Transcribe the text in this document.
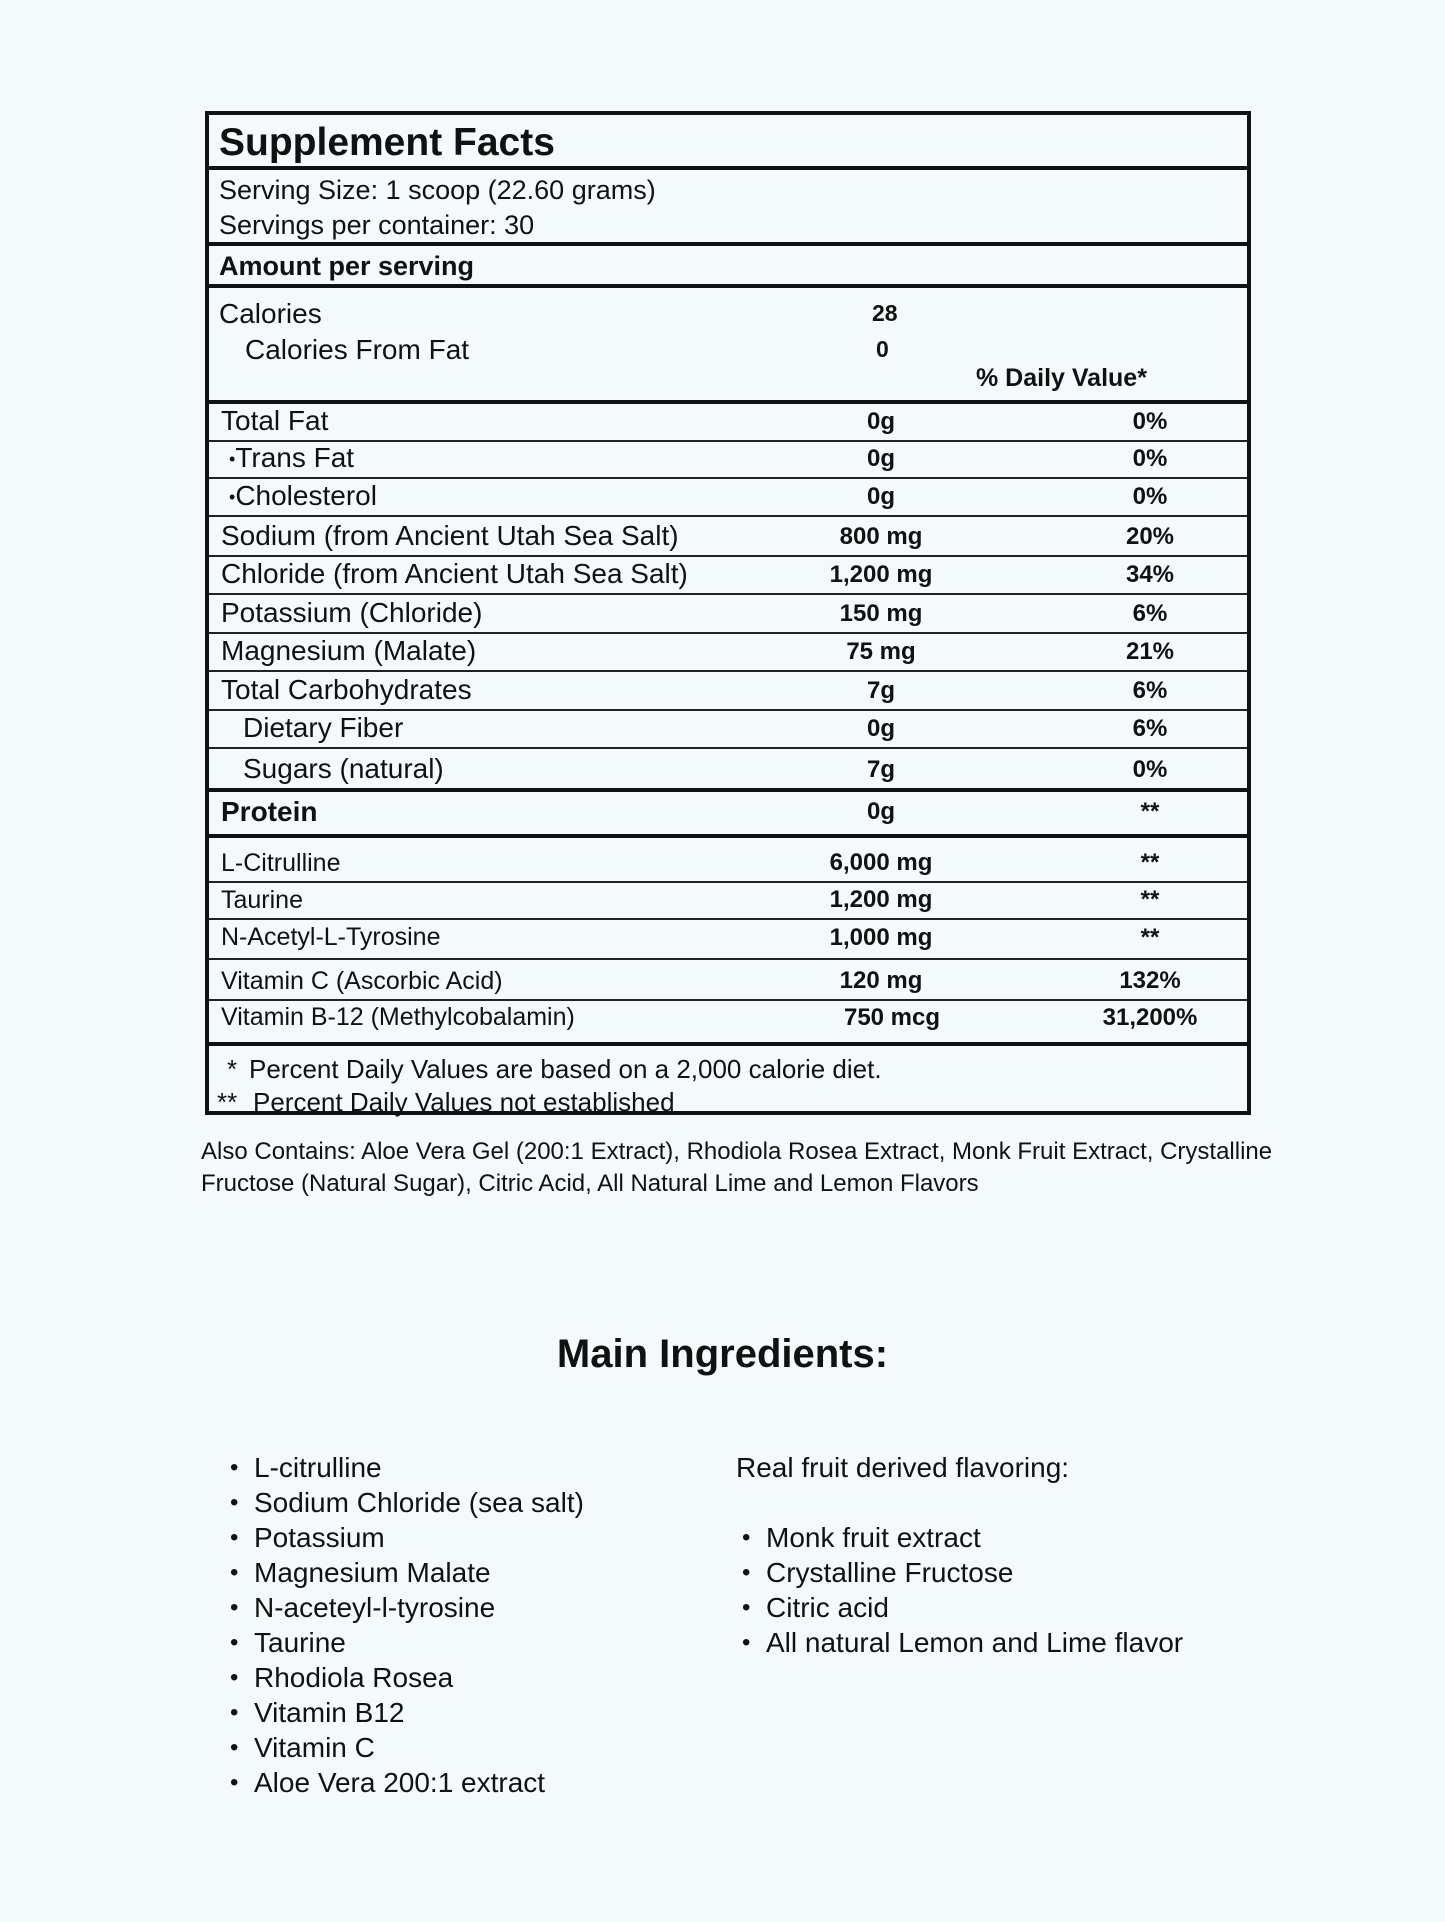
Supplement Facts
Serving Size: 1 scoop (22.60 grams)
Servings per container: 30
Amount per serving
Calories	28
Calories From Fat	0
% Daily Value*
Total Fat	0g	0%
•Trans Fat	0g	0%
•Cholesterol	0g	0%
Sodium (from Ancient Utah Sea Salt)	800 mg	20%
Chloride (from Ancient Utah Sea Salt)	1,200 mg	34%
Potassium (Chloride)	150 mg	6%
Magnesium (Malate)	75 mg	21%
Total Carbohydrates	7g	6%
Dietary Fiber	0g	6%
Sugars (natural)	7g	0%
Protein	0g	**
L-Citrulline	6,000 mg	**
Taurine	1,200 mg	**
N-Acetyl-L-Tyrosine	1,000 mg	**
Vitamin C (Ascorbic Acid)	120 mg	132%
Vitamin B-12 (Methylcobalamin)	750 mcg	31,200%
* Percent Daily Values are based on a 2,000 calorie diet.
** Percent Daily Values not established
Also Contains: Aloe Vera Gel (200:1 Extract), Rhodiola Rosea Extract, Monk Fruit Extract, Crystalline Fructose (Natural Sugar), Citric Acid, All Natural Lime and Lemon Flavors
Main Ingredients:
• L-citrulline
• Sodium Chloride (sea salt)
• Potassium
• Magnesium Malate
• N-aceteyl-l-tyrosine
• Taurine
• Rhodiola Rosea
• Vitamin B12
• Vitamin C
• Aloe Vera 200:1 extract
Real fruit derived flavoring:
• Monk fruit extract
• Crystalline Fructose
• Citric acid
• All natural Lemon and Lime flavor
